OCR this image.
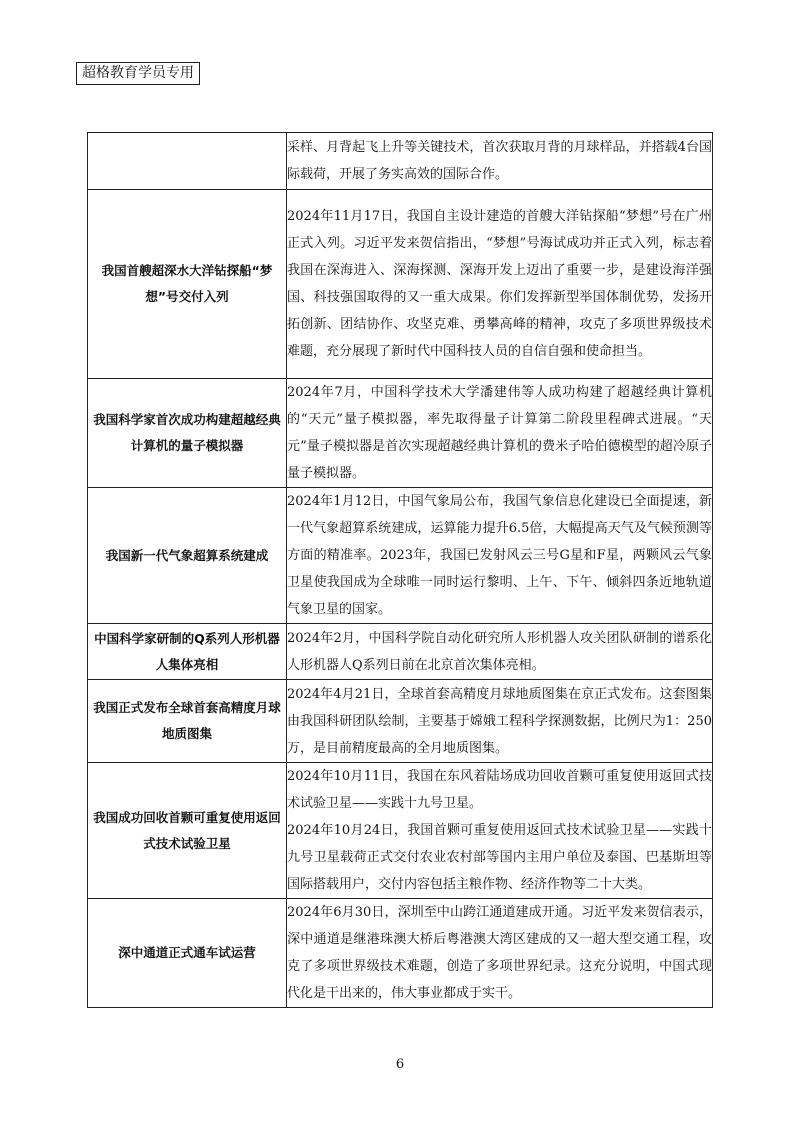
超格教育学员专用

	采样、月背起飞上升等关键技术，首次获取月背的月球样品，并搭载4台国际载荷，开展了务实高效的国际合作。

我国首艘超深水大洋钻探船“梦想”号交付入列	2024年11月17日，我国自主设计建造的首艘大洋钻探船“梦想”号在广州正式入列。习近平发来贺信指出，“梦想”号海试成功并正式入列，标志着我国在深海进入、深海探测、深海开发上迈出了重要一步，是建设海洋强国、科技强国取得的又一重大成果。你们发挥新型举国体制优势，发扬开拓创新、团结协作、攻坚克难、勇攀高峰的精神，攻克了多项世界级技术难题，充分展现了新时代中国科技人员的自信自强和使命担当。

我国科学家首次成功构建超越经典计算机的量子模拟器	2024年7月，中国科学技术大学潘建伟等人成功构建了超越经典计算机的“天元”量子模拟器，率先取得量子计算第二阶段里程碑式进展。“天元”量子模拟器是首次实现超越经典计算机的费米子哈伯德模型的超冷原子量子模拟器。

我国新一代气象超算系统建成	2024年1月12日，中国气象局公布，我国气象信息化建设已全面提速，新一代气象超算系统建成，运算能力提升6.5倍，大幅提高天气及气候预测等方面的精准率。2023年，我国已发射风云三号G星和F星，两颗风云气象卫星使我国成为全球唯一同时运行黎明、上午、下午、倾斜四条近地轨道气象卫星的国家。

中国科学家研制的Q系列人形机器人集体亮相	2024年2月，中国科学院自动化研究所人形机器人攻关团队研制的谱系化人形机器人Q系列日前在北京首次集体亮相。

我国正式发布全球首套高精度月球地质图集	2024年4月21日，全球首套高精度月球地质图集在京正式发布。这套图集由我国科研团队绘制，主要基于嫦娥工程科学探测数据，比例尺为1：250万，是目前精度最高的全月地质图集。

我国成功回收首颗可重复使用返回式技术试验卫星	2024年10月11日，我国在东风着陆场成功回收首颗可重复使用返回式技术试验卫星——实践十九号卫星。

2024年10月24日，我国首颗可重复使用返回式技术试验卫星——实践十九号卫星载荷正式交付农业农村部等国内主用户单位及泰国、巴基斯坦等国际搭载用户，交付内容包括主粮作物、经济作物等二十大类。

深中通道正式通车试运营	2024年6月30日，深圳至中山跨江通道建成开通。习近平发来贺信表示，深中通道是继港珠澳大桥后粤港澳大湾区建成的又一超大型交通工程，攻克了多项世界级技术难题，创造了多项世界纪录。这充分说明，中国式现代化是干出来的，伟大事业都成于实干。

6
